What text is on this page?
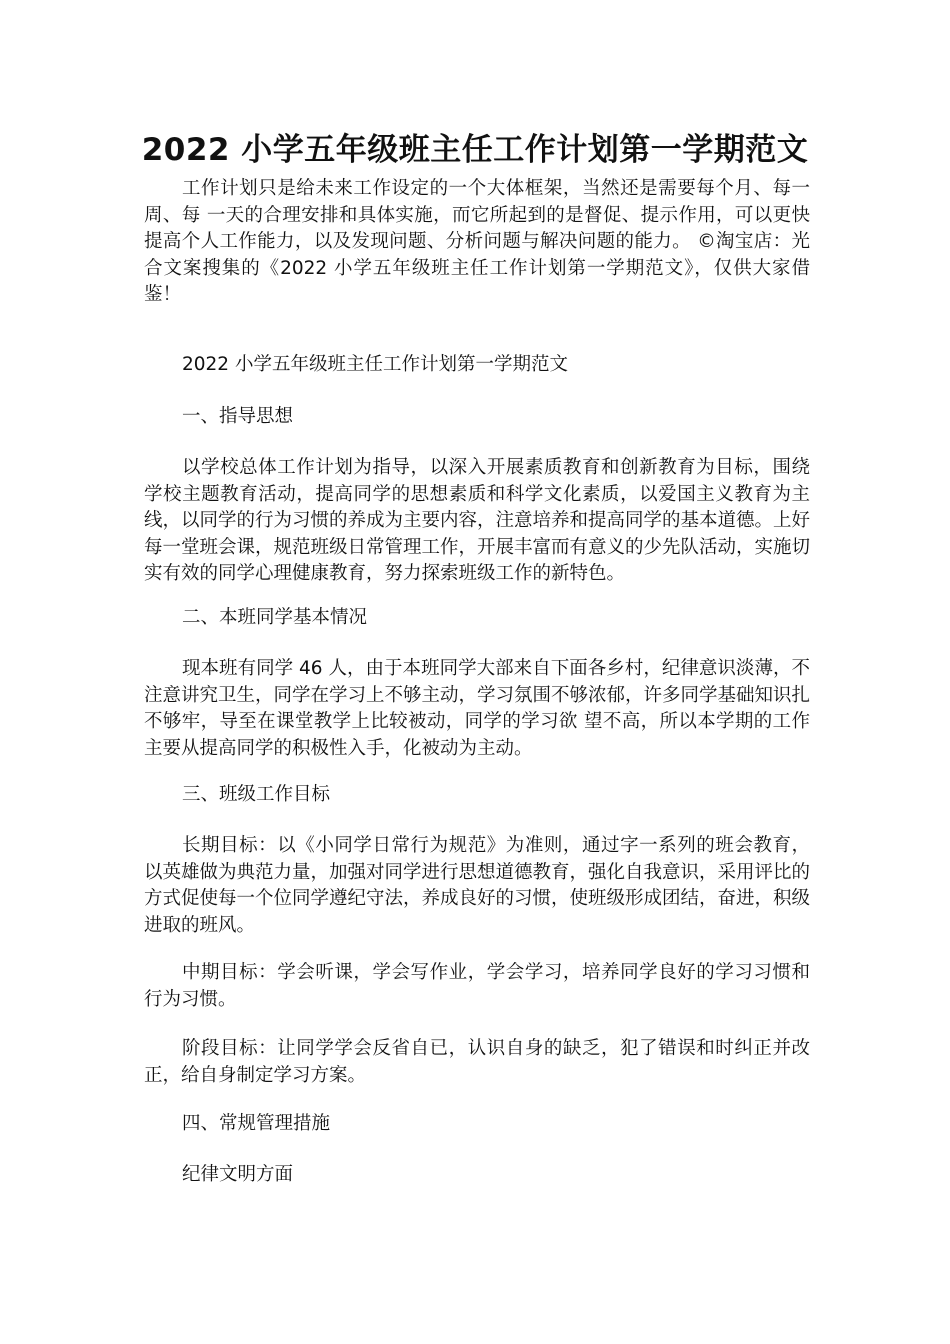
2022 小学五年级班主任工作计划第一学期范文
工作计划只是给未来工作设定的一个大体框架，当然还是需要每个月、每一周、每 一天的合理安排和具体实施，而它所起到的是督促、提示作用，可以更快提高个人工作能力，以及发现问题、分析问题与解决问题的能力。 ©淘宝店：光合文案搜集的《2022 小学五年级班主任工作计划第一学期范文》，仅供大家借鉴！
2022 小学五年级班主任工作计划第一学期范文
一、指导思想
以学校总体工作计划为指导，以深入开展素质教育和创新教育为目标，围绕学校主题教育活动，提高同学的思想素质和科学文化素质，以爱国主义教育为主线，以同学的行为习惯的养成为主要内容，注意培养和提高同学的基本道德。上好每一堂班会课，规范班级日常管理工作，开展丰富而有意义的少先队活动，实施切实有效的同学心理健康教育，努力探索班级工作的新特色。
二、本班同学基本情况
现本班有同学 46 人，由于本班同学大部来自下面各乡村，纪律意识淡薄，不注意讲究卫生，同学在学习上不够主动，学习氛围不够浓郁，许多同学基础知识扎不够牢，导至在课堂教学上比较被动，同学的学习欲 望不高，所以本学期的工作主要从提高同学的积极性入手，化被动为主动。
三、班级工作目标
长期目标：以《小同学日常行为规范》为准则，通过字一系列的班会教育，以英雄做为典范力量，加强对同学进行思想道德教育，强化自我意识，采用评比的方式促使每一个位同学遵纪守法，养成良好的习惯，使班级形成团结，奋进，积级进取的班风。
中期目标：学会听课，学会写作业，学会学习，培养同学良好的学习习惯和行为习惯。
阶段目标：让同学学会反省自已，认识自身的缺乏，犯了错误和时纠正并改正，给自身制定学习方案。
四、常规管理措施
纪律文明方面
